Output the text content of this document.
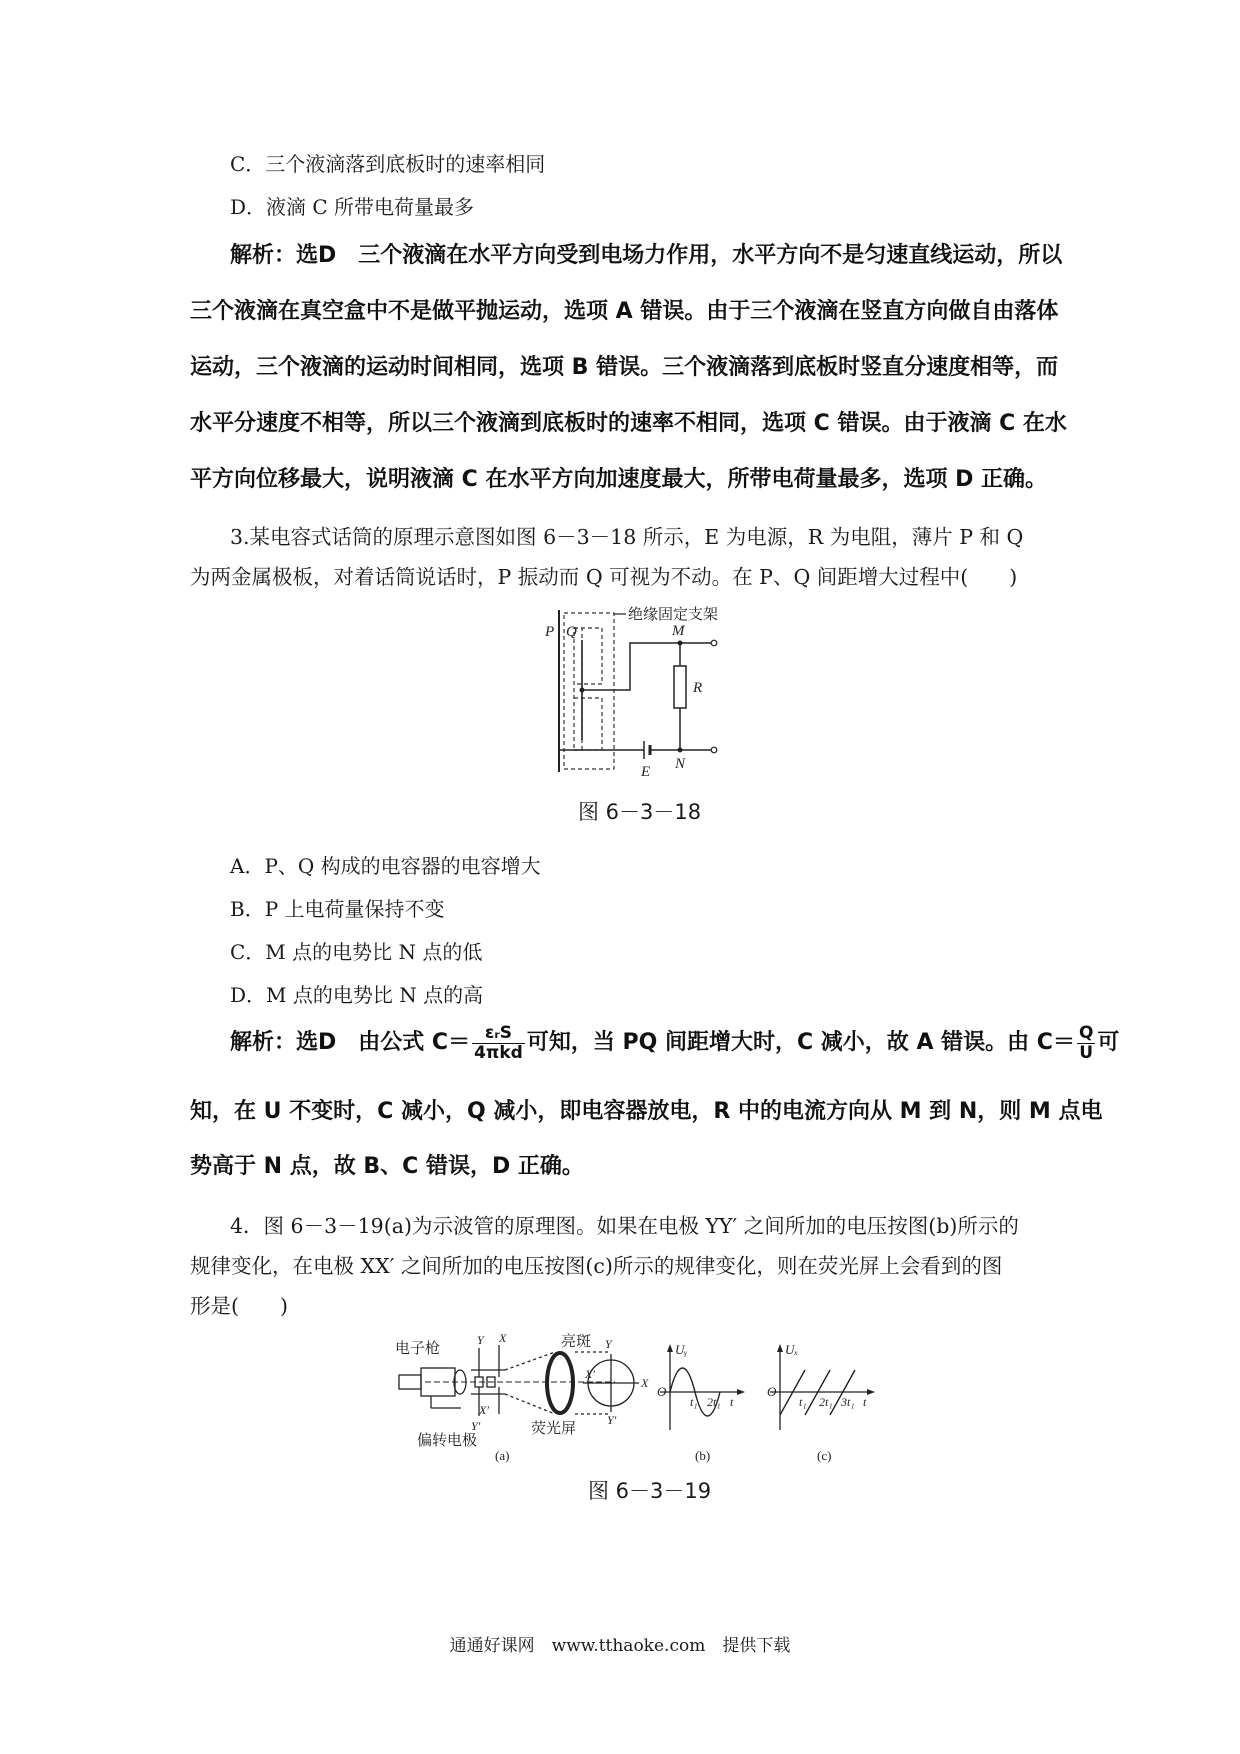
C．三个液滴落到底板时的速率相同
D．液滴 C 所带电荷量最多
解析：选D　三个液滴在水平方向受到电场力作用，水平方向不是匀速直线运动，所以
三个液滴在真空盒中不是做平抛运动，选项 A 错误。由于三个液滴在竖直方向做自由落体
运动，三个液滴的运动时间相同，选项 B 错误。三个液滴落到底板时竖直分速度相等，而
水平分速度不相等，所以三个液滴到底板时的速率不相同，选项 C 错误。由于液滴 C 在水
平方向位移最大，说明液滴 C 在水平方向加速度最大，所带电荷量最多，选项 D 正确。
3.某电容式话筒的原理示意图如图 6－3－18 所示，E 为电源，R 为电阻，薄片 P 和 Q
为两金属极板，对着话筒说话时，P 振动而 Q 可视为不动。在 P、Q 间距增大过程中(　　)
绝缘固定支架
P Q	M
R
E N
图 6－3－18
A．P、Q 构成的电容器的电容增大
B．P 上电荷量保持不变
C．M 点的电势比 N 点的低
D．M 点的电势比 N 点的高
解析：选D　由公式 $C= \frac{\text{εᵣS}}{\text{4πkd}}$ 可知，当 PQ 间距增大时，C 减小，故 A 错误。由 $C= \frac{Q}{U}$ 可
知，在 U 不变时，C 减小，Q 减小，即电容器放电，R 中的电流方向从 M 到 N，则 M 点电
势高于 N 点，故 B、C 错误，D 正确。
4．图 6－3－19(a)为示波管的原理图。如果在电极 YY′ 之间所加的电压按图(b)所示的
规律变化，在电极 XX′ 之间所加的电压按图(c)所示的规律变化，则在荧光屏上会看到的图
形是(　　)
电子枪	亮斑
荧光屏
偏转电极
(a)
Y X
X′
Y′
Y
X
X′
Y′
Uᵧ
O
t₁ 2t₁ t
(b)
Uₓ
O
t₁ 2t₁ 3t₁ t
(c)
图 6－3－19
通通好课网　www.tthaoke.com　提供下载
